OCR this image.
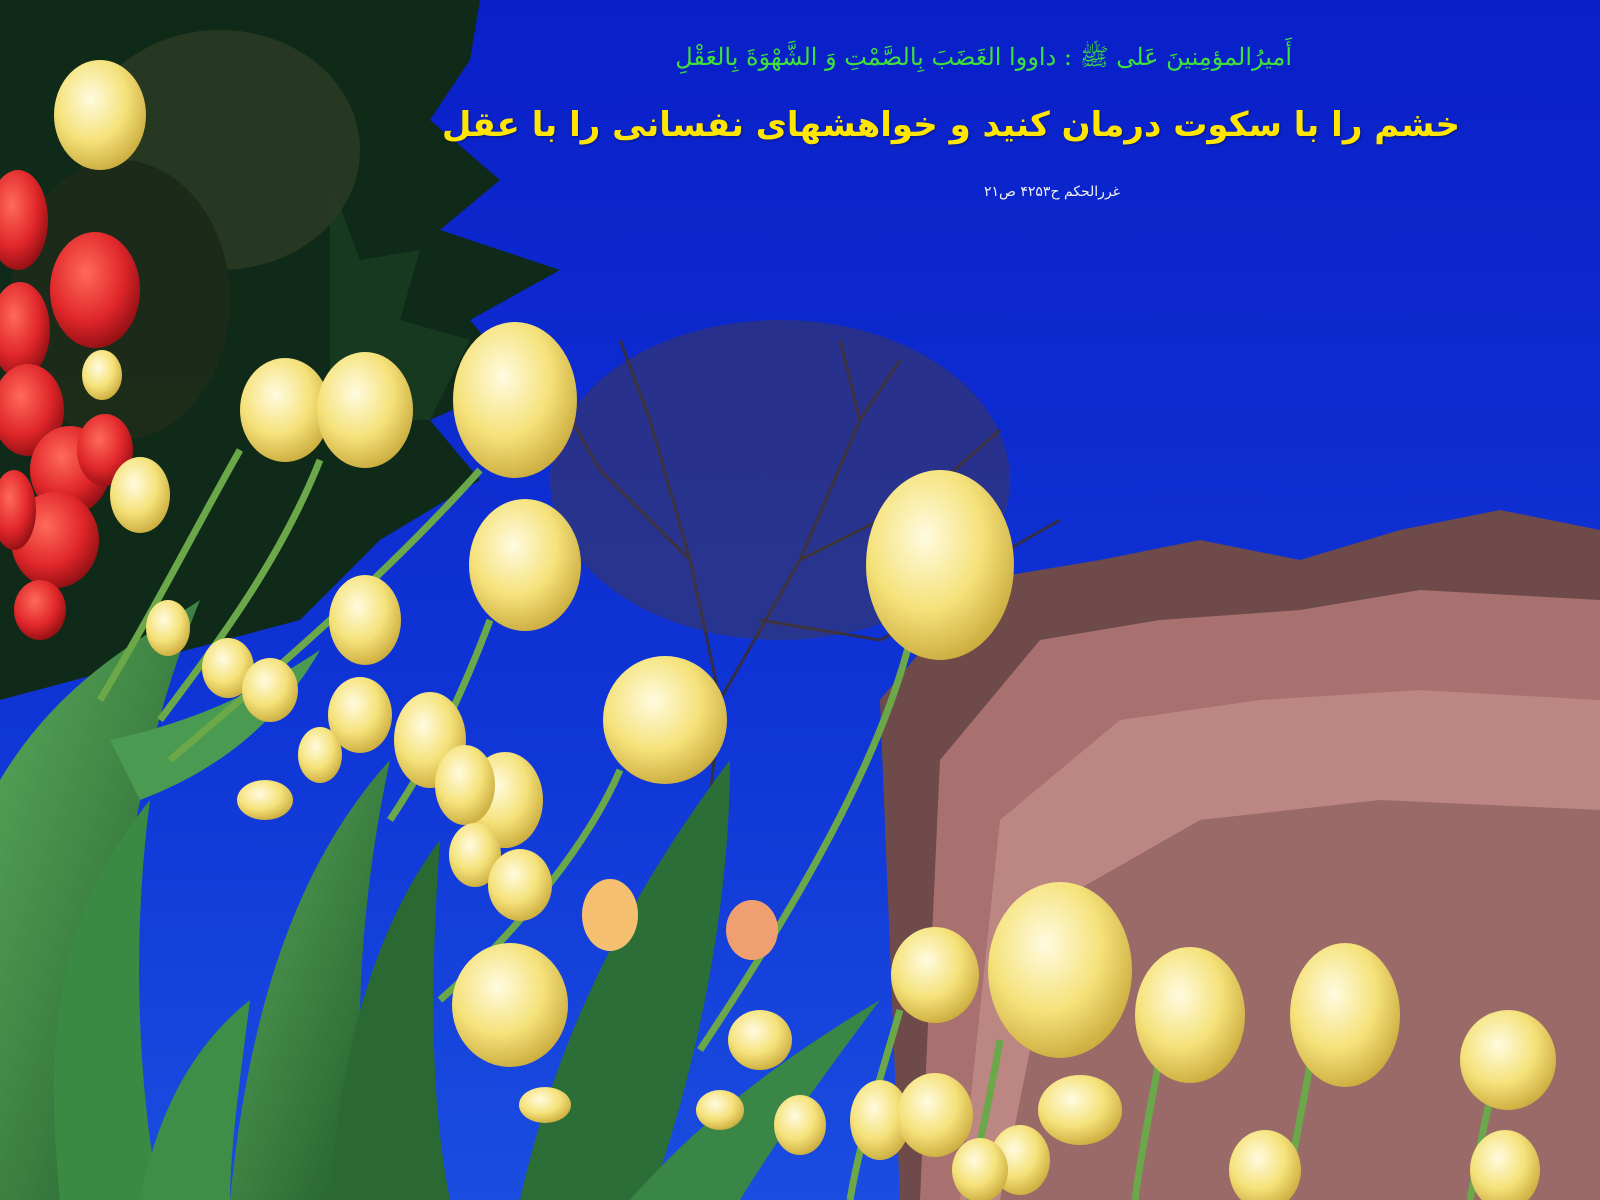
أَميرُالمؤمِنينَ عَلى ﷺ : داووا الغَضَبَ بِالصَّمْتِ وَ الشَّهْوَةَ بِالعَقْلِ
خشم را با سکوت درمان کنید و خواهشهای نفسانی را با عقل
غررالحكم ح۴۲۵۳ ص۲۱
